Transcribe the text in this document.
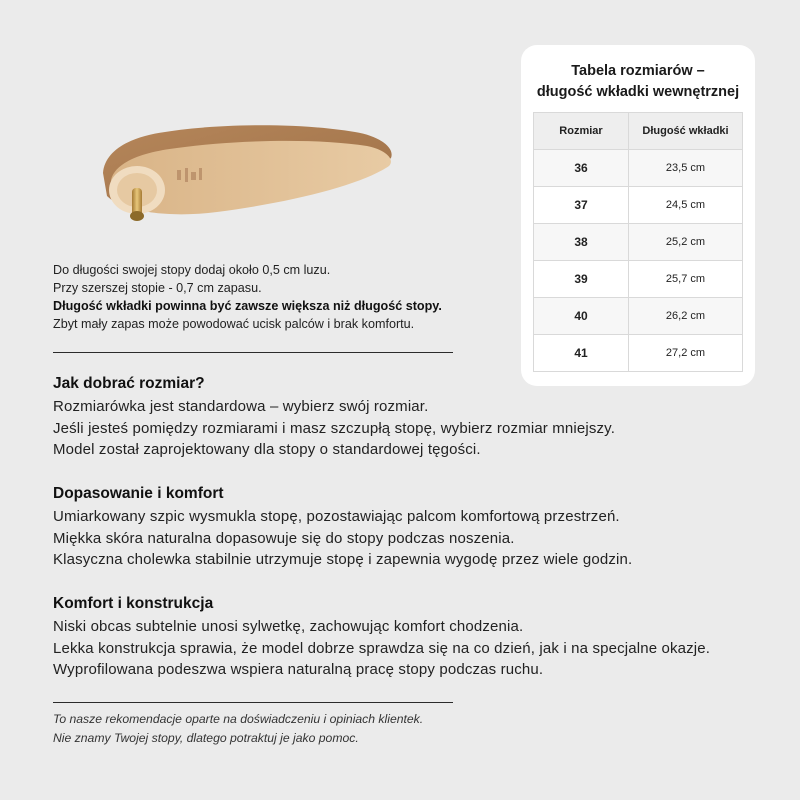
Do długości swojej stopy dodaj około 0,5 cm luzu.

Przy szerszej stopie - 0,7 cm zapasu.

Długość wkładki powinna być zawsze większa niż długość stopy.

Zbyt mały zapas może powodować ucisk palców i brak komfortu.

Jak dobrać rozmiar?

Rozmiarówka jest standardowa – wybierz swój rozmiar.

Jeśli jesteś pomiędzy rozmiarami i masz szczupłą stopę, wybierz rozmiar mniejszy.

Model został zaprojektowany dla stopy o standardowej tęgości.

Dopasowanie i komfort

Umiarkowany szpic wysmukla stopę, pozostawiając palcom komfortową przestrzeń.

Miękka skóra naturalna dopasowuje się do stopy podczas noszenia.

Klasyczna cholewka stabilnie utrzymuje stopę i zapewnia wygodę przez wiele godzin.

Komfort i konstrukcja

Niski obcas subtelnie unosi sylwetkę, zachowując komfort chodzenia.

Lekka konstrukcja sprawia, że model dobrze sprawdza się na co dzień, jak i na specjalne okazje.

Wyprofilowana podeszwa wspiera naturalną pracę stopy podczas ruchu.

To nasze rekomendacje oparte na doświadczeniu i opiniach klientek.

Nie znamy Twojej stopy, dlatego potraktuj je jako pomoc.

Tabela rozmiarów –
długość wkładki wewnętrznej
Rozmiar	Długość wkładki
36	23,5 cm
37	24,5 cm
38	25,2 cm
39	25,7 cm
40	26,2 cm
41	27,2 cm
